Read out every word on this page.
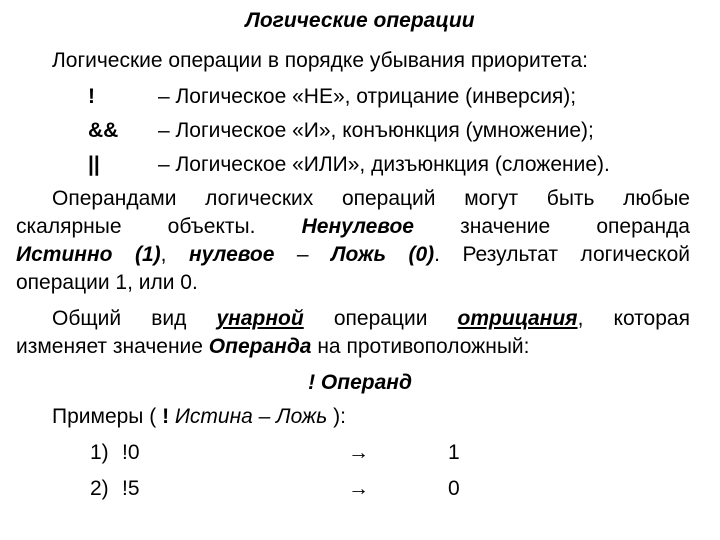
Логические операции
Логические операции в порядке убывания приоритета:
!	– Логическое «НЕ», отрицание (инверсия);
&& – Логическое «И», конъюнкция (умножение);
||	– Логическое «ИЛИ», дизъюнкция (сложение).
Операндами логических операций могут быть любые
скалярные объекты. Ненулевое значение операнда
Истинно (1), нулевое – Ложь (0). Результат логической
операции 1, или 0.
Общий вид унарной операции отрицания, которая
изменяет значение Операнда на противоположный:
! Операнд
Примеры ( ! Истина – Ложь ):
1) !0	→	1
2) !5	→	0
